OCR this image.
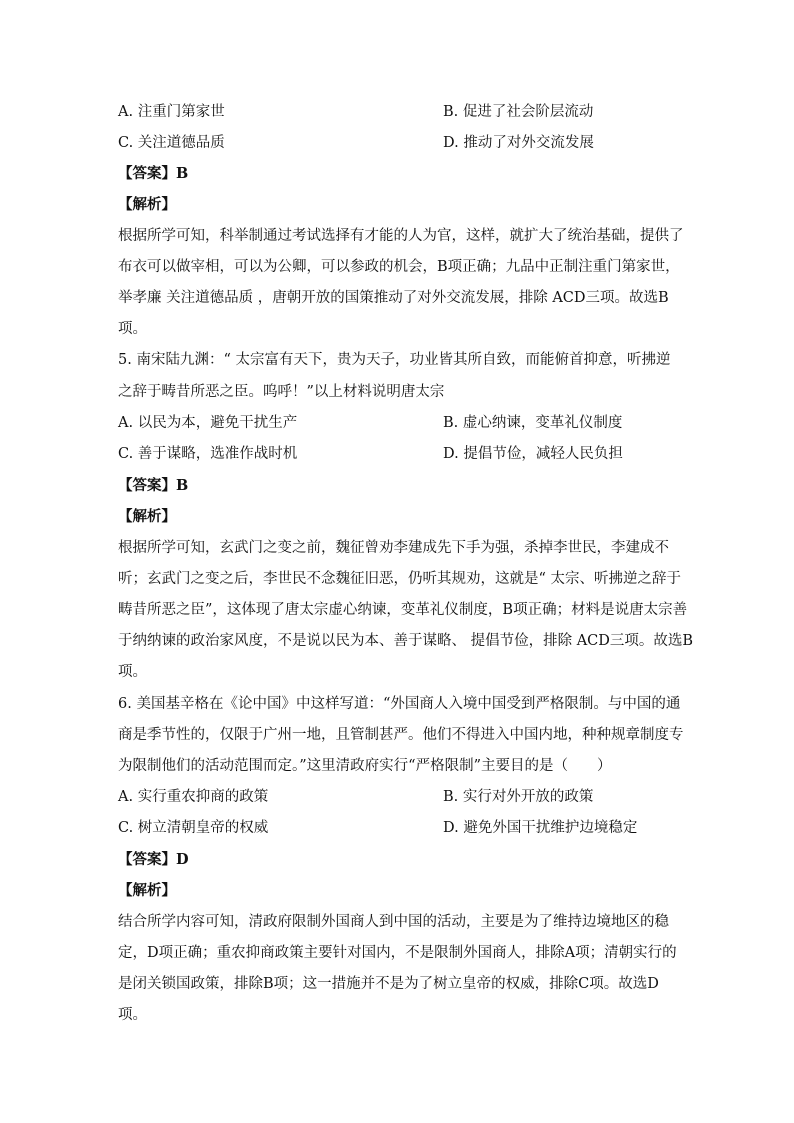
A. 注重门第家世	B. 促进了社会阶层流动
C. 关注道德品质	D. 推动了对外交流发展
【答案】B
【解析】
根据所学可知，科举制通过考试选择有才能的人为官，这样，就扩大了统治基础，提供了
布衣可以做宰相，可以为公卿，可以参政的机会，B项正确；九品中正制注重门第家世，
举孝廉 关注道德品质 ，唐朝开放的国策推动了对外交流发展，排除 ACD三项。故选B
项。
5. 南宋陆九渊：“ 太宗富有天下，贵为天子，功业皆其所自致，而能俯首抑意，听拂逆
之辞于畴昔所恶之臣。呜呼！”以上材料说明唐太宗
A. 以民为本，避免干扰生产	B. 虚心纳谏，变革礼仪制度
C. 善于谋略，选准作战时机	D. 提倡节俭，减轻人民负担
【答案】B
【解析】
根据所学可知，玄武门之变之前，魏征曾劝李建成先下手为强，杀掉李世民，李建成不
听；玄武门之变之后，李世民不念魏征旧恶，仍听其规劝，这就是“ 太宗、听拂逆之辞于
畴昔所恶之臣”，这体现了唐太宗虚心纳谏，变革礼仪制度，B项正确；材料是说唐太宗善
于纳纳谏的政治家风度，不是说以民为本、善于谋略、 提倡节俭，排除 ACD三项。故选B
项。
6. 美国基辛格在《论中国》中这样写道：“外国商人入境中国受到严格限制。与中国的通
商是季节性的，仅限于广州一地，且管制甚严。他们不得进入中国内地，种种规章制度专
为限制他们的活动范围而定。”这里清政府实行“严格限制”主要目的是（　　）
A. 实行重农抑商的政策	B. 实行对外开放的政策
C. 树立清朝皇帝的权威	D. 避免外国干扰维护边境稳定
【答案】D
【解析】
结合所学内容可知，清政府限制外国商人到中国的活动，主要是为了维持边境地区的稳
定，D项正确；重农抑商政策主要针对国内，不是限制外国商人，排除A项；清朝实行的
是闭关锁国政策，排除B项；这一措施并不是为了树立皇帝的权威，排除C项。故选D
项。
